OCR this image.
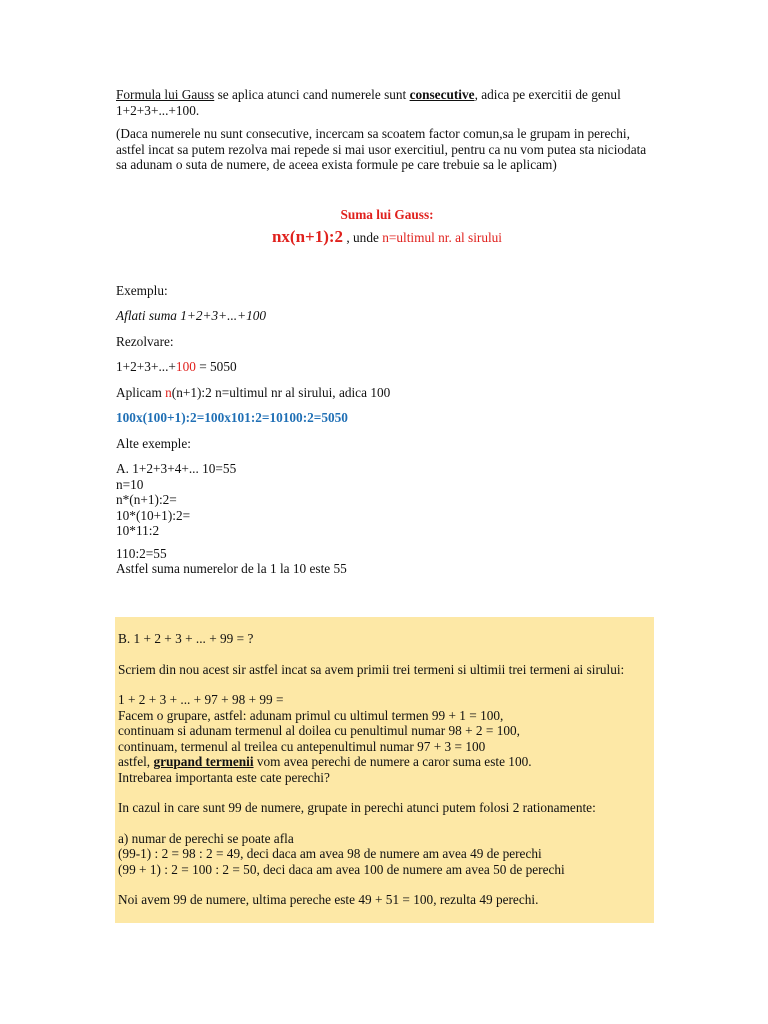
Formula lui Gauss se aplica atunci cand numerele sunt consecutive, adica pe exercitii de genul 1+2+3+...+100.

(Daca numerele nu sunt consecutive, incercam sa scoatem factor comun,sa le grupam in perechi, astfel incat sa putem rezolva mai repede si mai usor exercitiul, pentru ca nu vom putea sta niciodata sa adunam o suta de numere, de aceea exista formule pe care trebuie sa le aplicam)

Suma lui Gauss:

nx(n+1):2 , unde n=ultimul nr. al sirului

Exemplu:

Aflati suma 1+2+3+...+100

Rezolvare:

1+2+3+...+100 = 5050

Aplicam n(n+1):2 n=ultimul nr al sirului, adica 100

100x(100+1):2=100x101:2=10100:2=5050

Alte exemple:

A. 1+2+3+4+... 10=55

n=10

n*(n+1):2=

10*(10+1):2=

10*11:2

110:2=55

Astfel suma numerelor de la 1 la 10 este 55

B. 1 + 2 + 3 + ... + 99 = ?

Scriem din nou acest sir astfel incat sa avem primii trei termeni si ultimii trei termeni ai sirului:

1 + 2 + 3 + ... + 97 + 98 + 99 =

Facem o grupare, astfel: adunam primul cu ultimul termen 99 + 1 = 100,

continuam si adunam termenul al doilea cu penultimul numar 98 + 2 = 100,

continuam, termenul al treilea cu antepenultimul numar 97 + 3 = 100

astfel, grupand termenii vom avea perechi de numere a caror suma este 100.

Intrebarea importanta este cate perechi?

In cazul in care sunt 99 de numere, grupate in perechi atunci putem folosi 2 rationamente:

a) numar de perechi se poate afla

(99-1) : 2 = 98 : 2 = 49, deci daca am avea 98 de numere am avea 49 de perechi

(99 + 1) : 2 = 100 : 2 = 50, deci daca am avea 100 de numere am avea 50 de perechi

Noi avem 99 de numere, ultima pereche este 49 + 51 = 100, rezulta 49 perechi.
